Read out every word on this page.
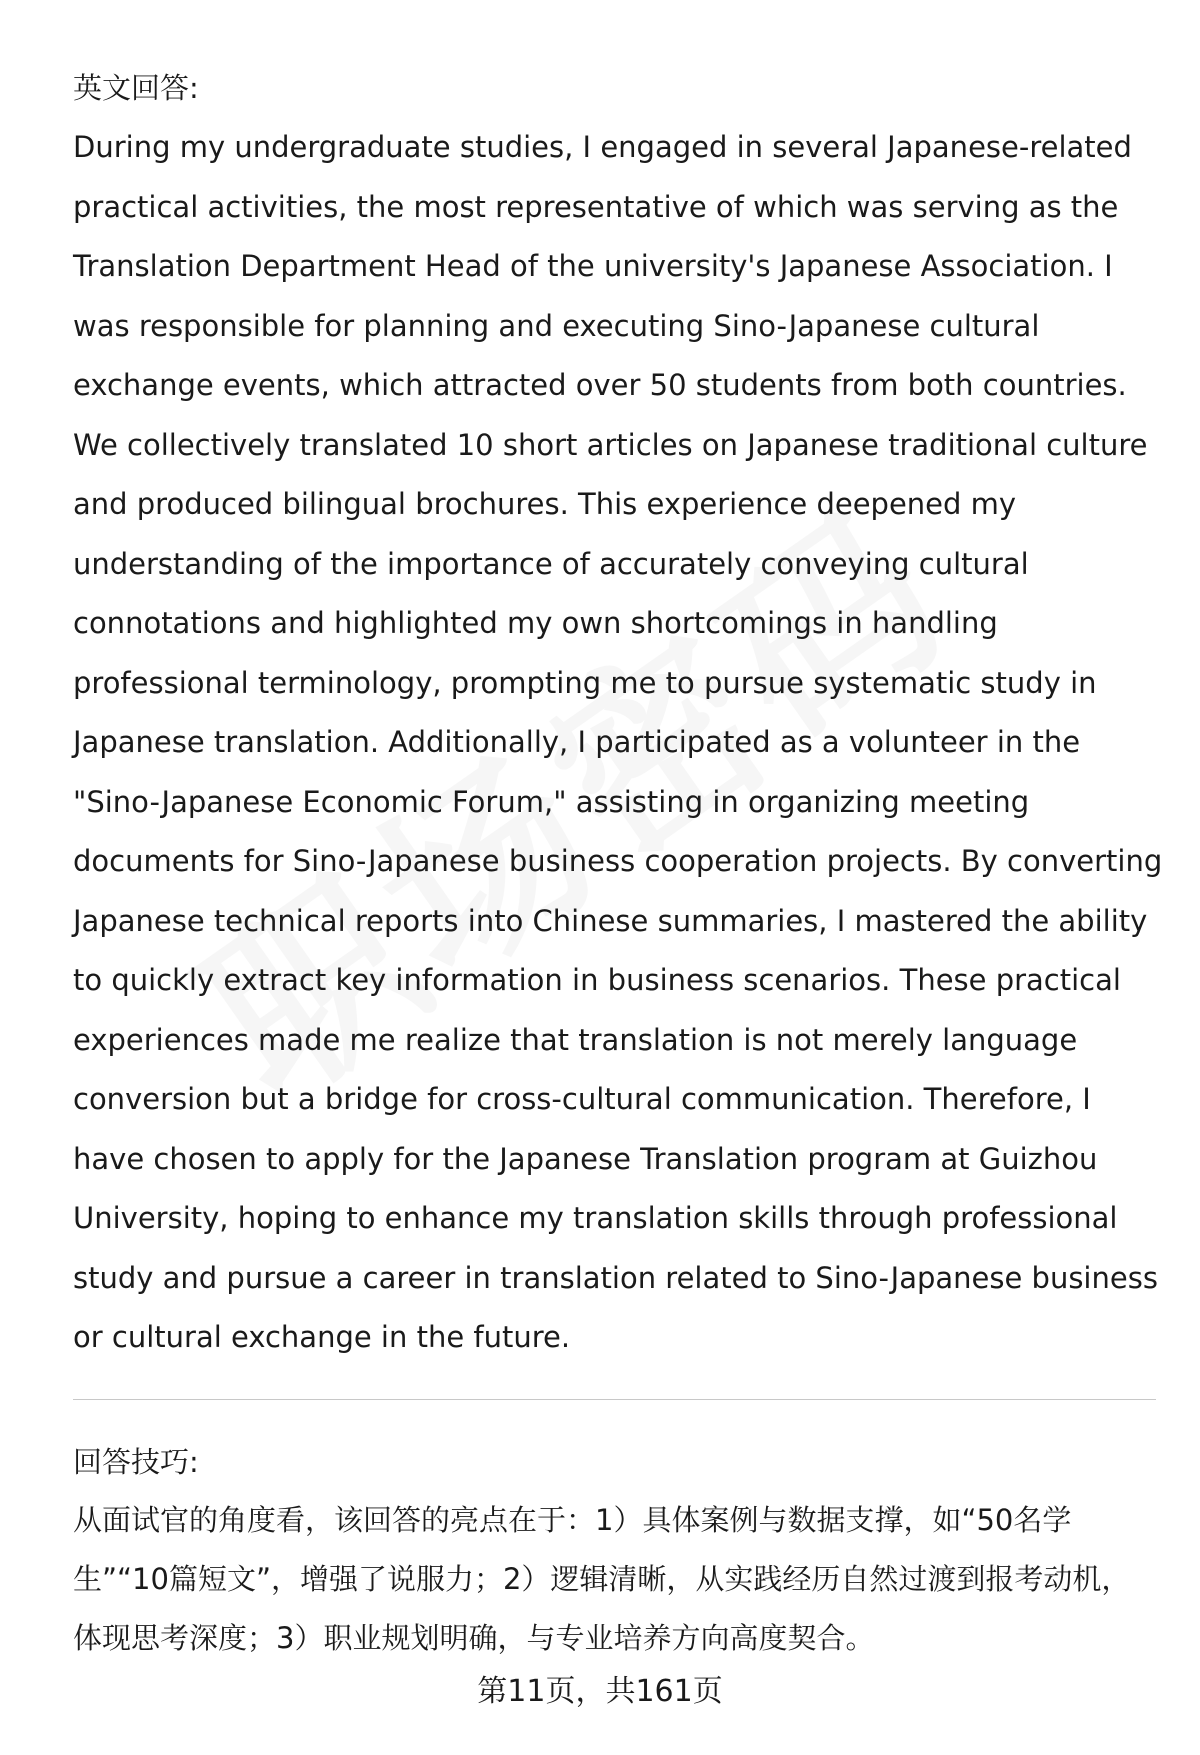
英文回答:

During my undergraduate studies, I engaged in several Japanese-related practical activities, the most representative of which was serving as the Translation Department Head of the university's Japanese Association. I was responsible for planning and executing Sino-Japanese cultural exchange events, which attracted over 50 students from both countries. We collectively translated 10 short articles on Japanese traditional culture and produced bilingual brochures. This experience deepened my understanding of the importance of accurately conveying cultural connotations and highlighted my own shortcomings in handling professional terminology, prompting me to pursue systematic study in Japanese translation. Additionally, I participated as a volunteer in the "Sino-Japanese Economic Forum," assisting in organizing meeting documents for Sino-Japanese business cooperation projects. By converting Japanese technical reports into Chinese summaries, I mastered the ability to quickly extract key information in business scenarios. These practical experiences made me realize that translation is not merely language conversion but a bridge for cross-cultural communication. Therefore, I have chosen to apply for the Japanese Translation program at Guizhou University, hoping to enhance my translation skills through professional study and pursue a career in translation related to Sino-Japanese business or cultural exchange in the future.

回答技巧:

从面试官的角度看，该回答的亮点在于：1）具体案例与数据支撑，如“50名学生”“10篇短文”，增强了说服力；2）逻辑清晰，从实践经历自然过渡到报考动机，体现思考深度；3）职业规划明确，与专业培养方向高度契合。

第11页，共161页
